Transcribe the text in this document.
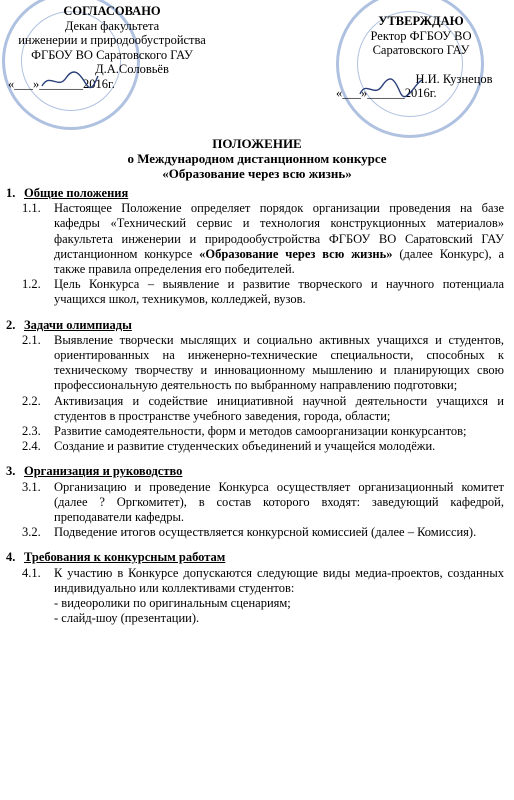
СОГЛАСОВАНО
Декан факультета
инженерии и природообустройства
ФГБОУ ВО Саратовского ГАУ
Д.А.Соловьёв
«___»_______2016г.
УТВЕРЖДАЮ
Ректор ФГБОУ ВО
Саратовского ГАУ
Н.И. Кузнецов
«___»______2016г.
ПОЛОЖЕНИЕ
о Международном дистанционном конкурсе
«Образование через всю жизнь»

1. Общие положения

1.1. Настоящее Положение определяет порядок организации проведения на базе кафедры «Технический сервис и технология конструкционных материалов» факультета инженерии и природообустройства ФГБОУ ВО Саратовский ГАУ дистанционном конкурсе «Образование через всю жизнь» (далее Конкурс), а также правила определения его победителей.

1.2. Цель Конкурса – выявление и развитие творческого и научного потенциала учащихся школ, техникумов, колледжей, вузов.

2. Задачи олимпиады

2.1. Выявление творчески мыслящих и социально активных учащихся и студентов, ориентированных на инженерно-технические специальности, способных к техническому творчеству и инновационному мышлению и планирующих свою профессиональную деятельность по выбранному направлению подготовки;

2.2. Активизация и содействие инициативной научной деятельности учащихся и студентов в пространстве учебного заведения, города, области;

2.3. Развитие самодеятельности, форм и методов самоорганизации конкурсантов;

2.4. Создание и развитие студенческих объединений и учащейся молодёжи.

3. Организация и руководство

3.1. Организацию и проведение Конкурса осуществляет организационный комитет (далее ? Оргкомитет), в состав которого входят: заведующий кафедрой, преподаватели кафедры.

3.2. Подведение итогов осуществляется конкурсной комиссией (далее – Комиссия).

4. Требования к конкурсным работам

4.1. К участию в Конкурсе допускаются следующие виды медиа-проектов, созданных индивидуально или коллективами студентов:

- видеоролики по оригинальным сценариям;

- слайд-шоу (презентации).
